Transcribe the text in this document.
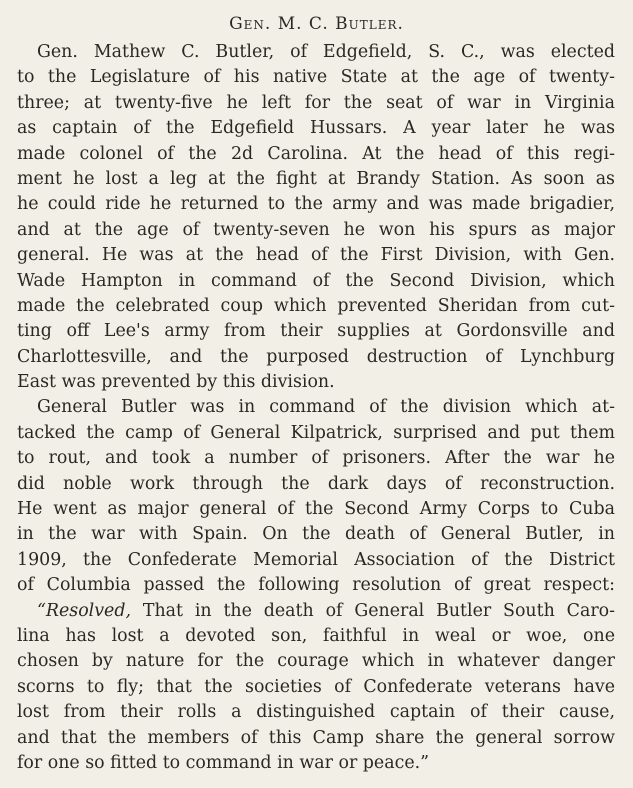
Gen. M. C. Butler.
Gen. Mathew C. Butler, of Edgefield, S. C., was elected
to the Legislature of his native State at the age of twenty-
three; at twenty-five he left for the seat of war in Virginia
as captain of the Edgefield Hussars. A year later he was
made colonel of the 2d Carolina. At the head of this regi-
ment he lost a leg at the fight at Brandy Station. As soon as
he could ride he returned to the army and was made brigadier,
and at the age of twenty-seven he won his spurs as major
general. He was at the head of the First Division, with Gen.
Wade Hampton in command of the Second Division, which
made the celebrated coup which prevented Sheridan from cut-
ting off Lee's army from their supplies at Gordonsville and
Charlottesville, and the purposed destruction of Lynchburg
East was prevented by this division.
General Butler was in command of the division which at-
tacked the camp of General Kilpatrick, surprised and put them
to rout, and took a number of prisoners. After the war he
did noble work through the dark days of reconstruction.
He went as major general of the Second Army Corps to Cuba
in the war with Spain. On the death of General Butler, in
1909, the Confederate Memorial Association of the District
of Columbia passed the following resolution of great respect:
“Resolved, That in the death of General Butler South Caro-
lina has lost a devoted son, faithful in weal or woe, one
chosen by nature for the courage which in whatever danger
scorns to fly; that the societies of Confederate veterans have
lost from their rolls a distinguished captain of their cause,
and that the members of this Camp share the general sorrow
for one so fitted to command in war or peace.”
